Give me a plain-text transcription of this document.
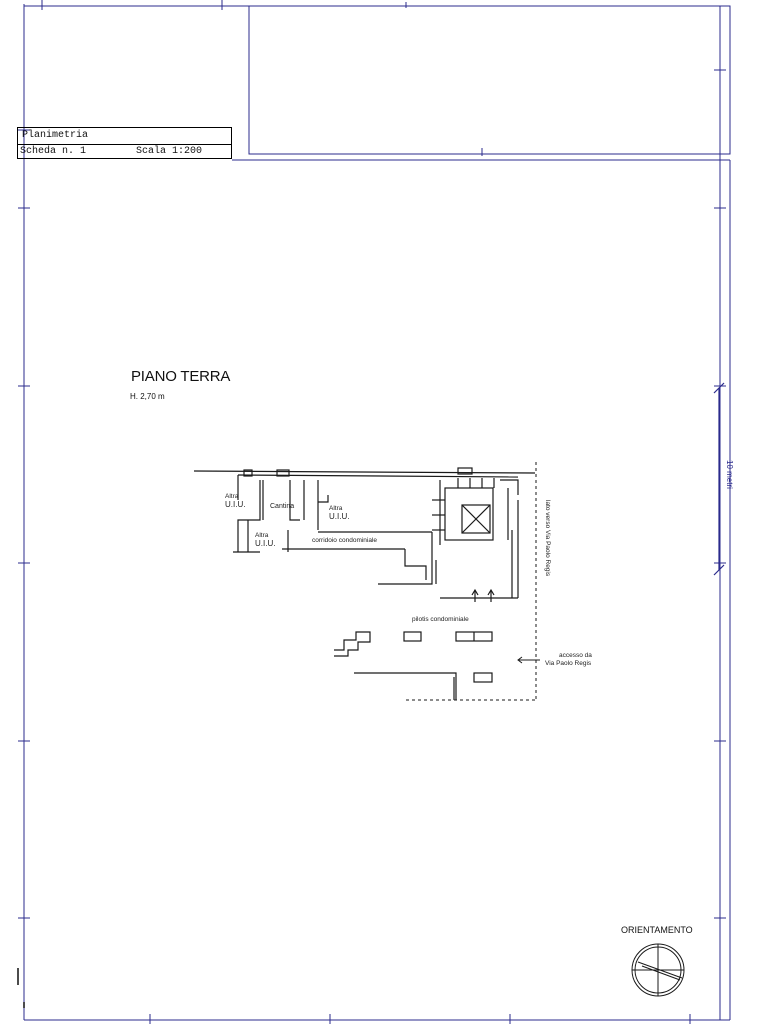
Planimetria
Scheda n. 1	Scala 1:200
10 metri
PIANO TERRA
H. 2,70 m
Altra
U.I.U.	Cantina	Altra
U.I.U.
Altra
U.I.U.	corridoio condominiale
pilotis condominiale
lato verso Via Paolo Regis
accesso da
Via Paolo Regis
ORIENTAMENTO
